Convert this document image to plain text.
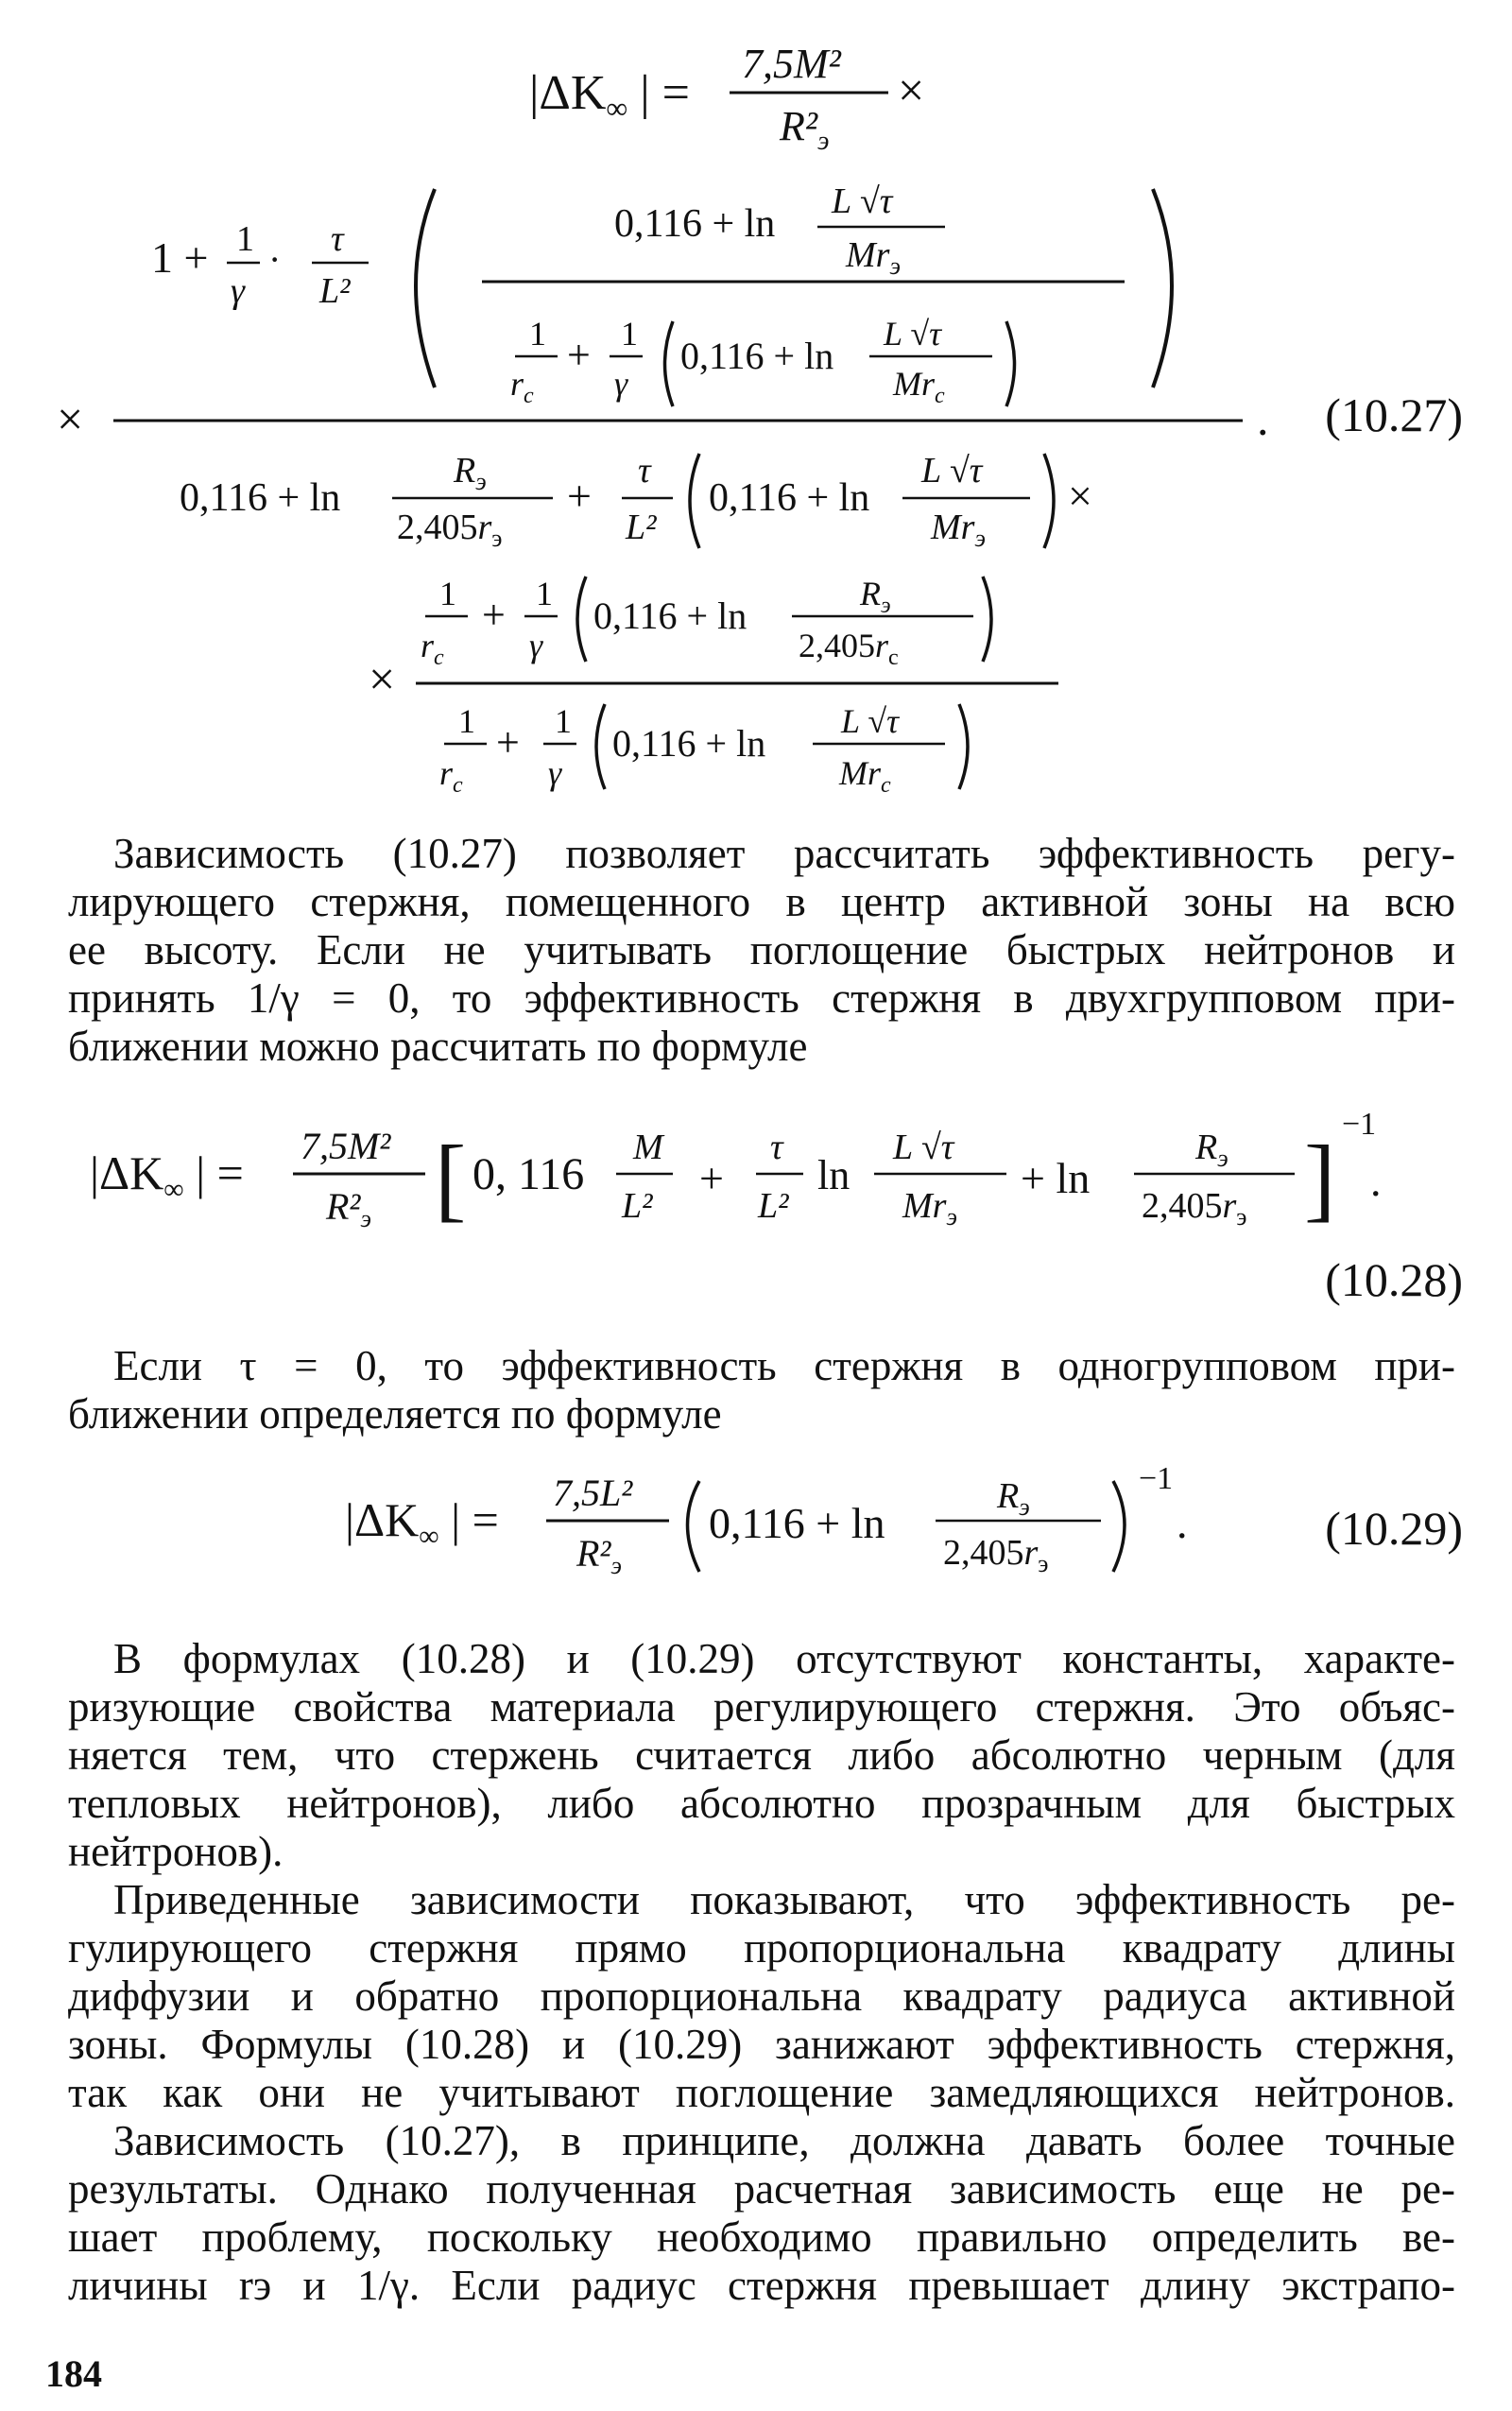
|ΔK∞ | =
7,5M²
$R^2_э$
×
1 + 1
γ
· τ
L²
0,116 + ln
L √τ
$Mr_э$
1
$r_c$
+ 1
γ
0,116 + ln
L √τ
$Mr_c$
×	.
0,116 + ln
$R_э$
$2,405r_э$
+
τ
L²
0,116 + ln
L √τ
$Mr_э$
×
×
1
$r_c$
+ 1
γ
0,116 + ln
$R_э$
$2,405r_c$
1
$r_c$
+ 1
γ
0,116 + ln
L √τ
$Mr_c$
(10.27)
Зависимость (10.27) позволяет рассчитать эффективность регу-
лирующего стержня, помещенного в центр активной зоны на всю
ее высоту. Если не учитывать поглощение быстрых нейтронов и
принять 1/γ = 0, то эффективность стержня в двухгрупповом при-
ближении можно рассчитать по формуле
$|\Delta K_\infty$ | =
7,5M²
$R^2_э$ [ 0, 116
M
L²
+
τ
L²
ln
L √τ
$Mr_э$
+ ln
$R_э$
$2,405r_э$ ]
−1
.
(10.28)
Если τ = 0, то эффективность стержня в одногрупповом при-
ближении определяется по формуле
$|\Delta K_\infty$ | =
7,5L²
$R^2_э$
0,116 + ln
$R_э$
$2,405r_э$
−1
.	(10.29)
В формулах (10.28) и (10.29) отсутствуют константы, характе-
ризующие свойства материала регулирующего стержня. Это объяс-
няется тем, что стержень считается либо абсолютно черным (для
тепловых нейтронов), либо абсолютно прозрачным для быстрых
нейтронов).
Приведенные зависимости показывают, что эффективность ре-
гулирующего стержня прямо пропорциональна квадрату длины
диффузии и обратно пропорциональна квадрату радиуса активной
зоны. Формулы (10.28) и (10.29) занижают эффективность стержня,
так как они не учитывают поглощение замедляющихся нейтронов.
Зависимость (10.27), в принципе, должна давать более точные
результаты. Однако полученная расчетная зависимость еще не ре-
шает проблему, поскольку необходимо правильно определить ве-
личины rэ и 1/γ. Если радиус стержня превышает длину экстрапо-
184
